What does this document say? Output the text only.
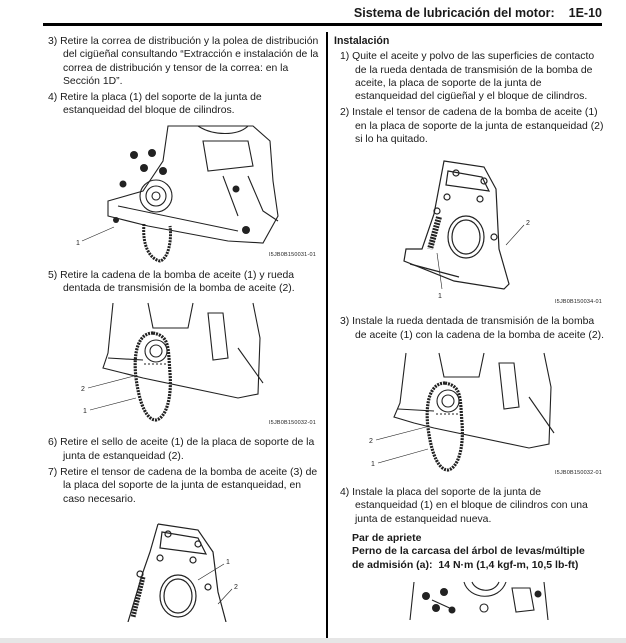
Sistema de lubricación del motor: 1E-10

3) Retire la correa de distribución y la polea de distribución del cigüeñal consultando “Extracción e instalación de la correa de distribución y tensor de la correa: en la Sección 1D”.

4) Retire la placa (1) del soporte de la junta de estanqueidad del bloque de cilindros.

1
I5JB0B150031-01

5) Retire la cadena de la bomba de aceite (1) y rueda dentada de transmisión de la bomba de aceite (2).

2
1
I5JB0B150032-01

6) Retire el sello de aceite (1) de la placa de soporte de la junta de estanqueidad (2).

7) Retire el tensor de cadena de la bomba de aceite (3) de la placa del soporte de la junta de estanqueidad, en caso necesario.

1
2

Instalación

1) Quite el aceite y polvo de las superficies de contacto de la rueda dentada de transmisión de la bomba de aceite, la placa de soporte de la junta de estanqueidad del cigüeñal y el bloque de cilindros.

2) Instale el tensor de cadena de la bomba de aceite (1) en la placa de soporte de la junta de estanqueidad (2) si lo ha quitado.

2
1
I5JB0B150034-01

3) Instale la rueda dentada de transmisión de la bomba de aceite (1) con la cadena de la bomba de aceite (2).

2
1
I5JB0B150032-01

4) Instale la placa del soporte de la junta de estanqueidad (1) en el bloque de cilindros con una junta de estanqueidad nueva.

Par de apriete
Perno de la carcasa del árbol de levas/múltiple
de admisión (a):  14 N·m (1,4 kgf-m, 10,5 lb-ft)
